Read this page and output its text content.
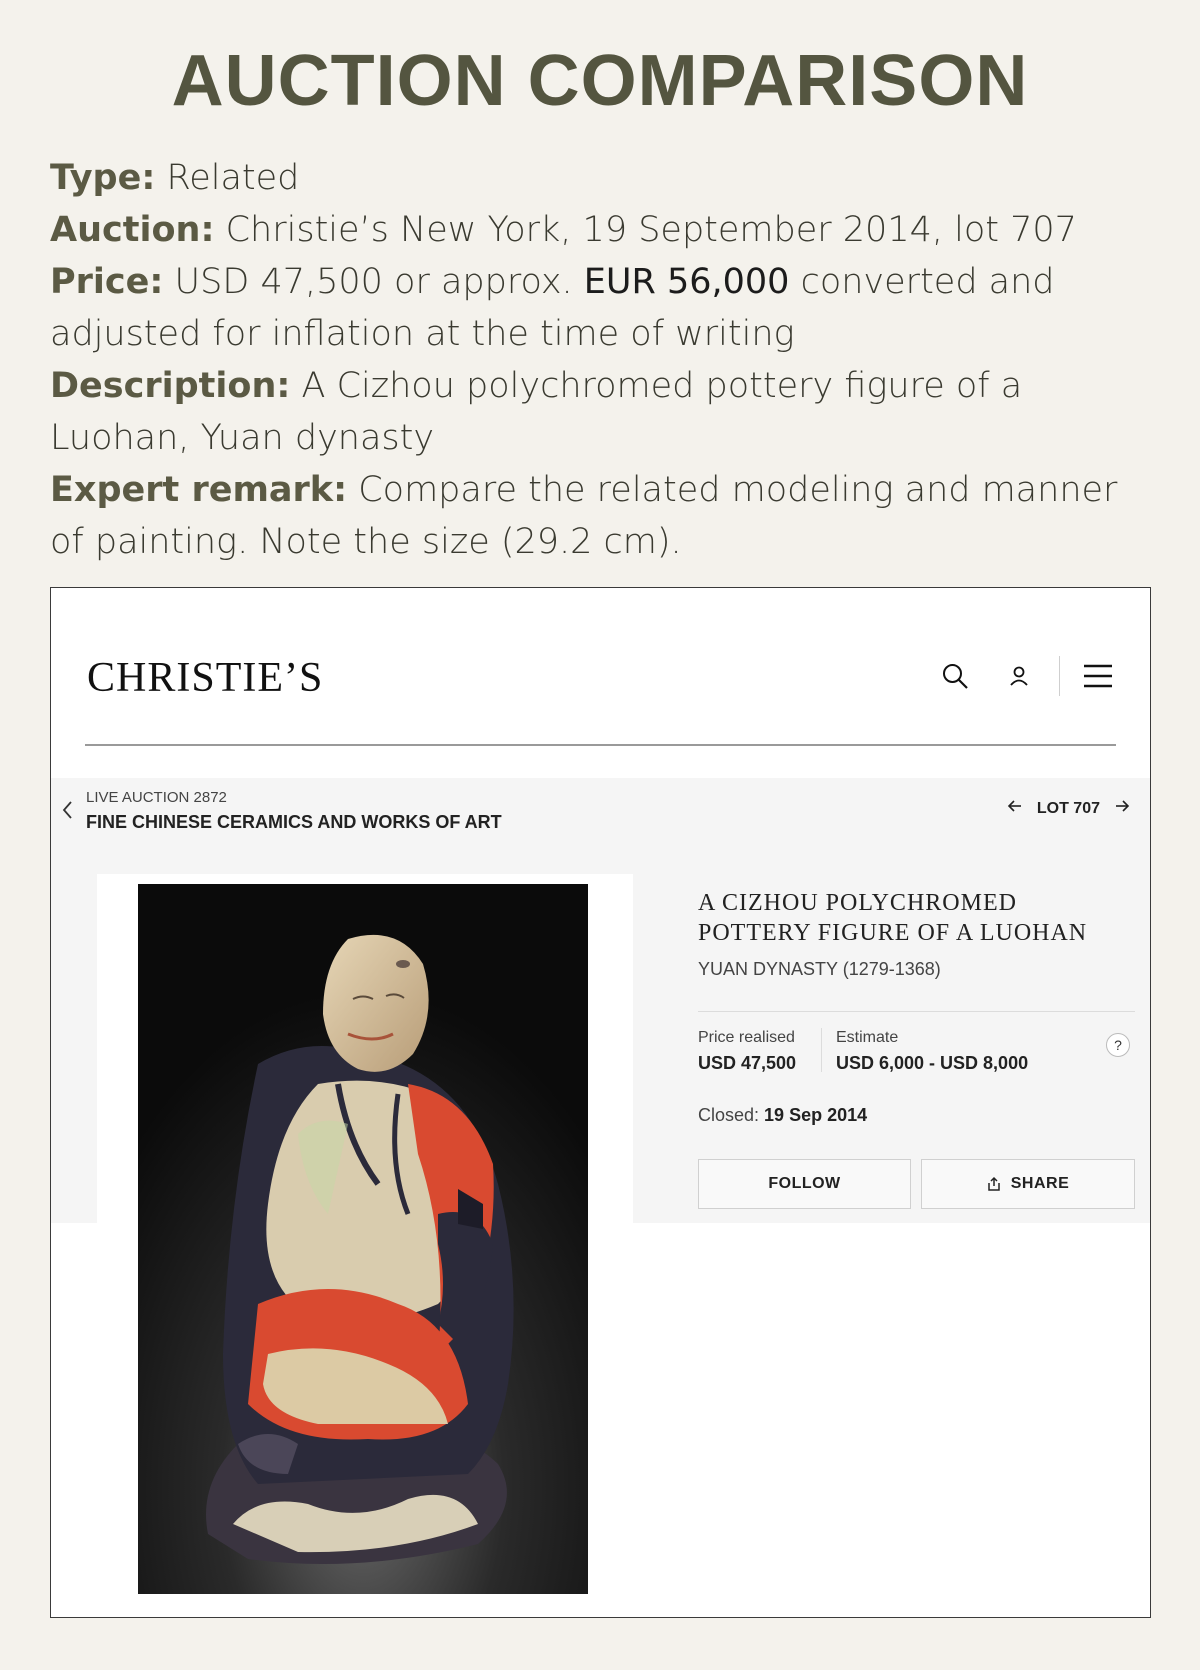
AUCTION COMPARISON

Type: Related

Auction: Christie’s New York, 19 September 2014, lot 707

Price: USD 47,500 or approx. EUR 56,000 converted and adjusted for inflation at the time of writing

Description: A Cizhou polychromed pottery figure of a Luohan, Yuan dynasty

Expert remark: Compare the related modeling and manner of painting. Note the size (29.2 cm).

CHRISTIE’S
LIVE AUCTION 2872
FINE CHINESE CERAMICS AND WORKS OF ART
LOT 707
A CIZHOU POLYCHROMED POTTERY FIGURE OF A LUOHAN
YUAN DYNASTY (1279-1368)
Price realised
USD 47,500
Estimate
USD 6,000 - USD 8,000
?
Closed: 19 Sep 2014
FOLLOW	SHARE
